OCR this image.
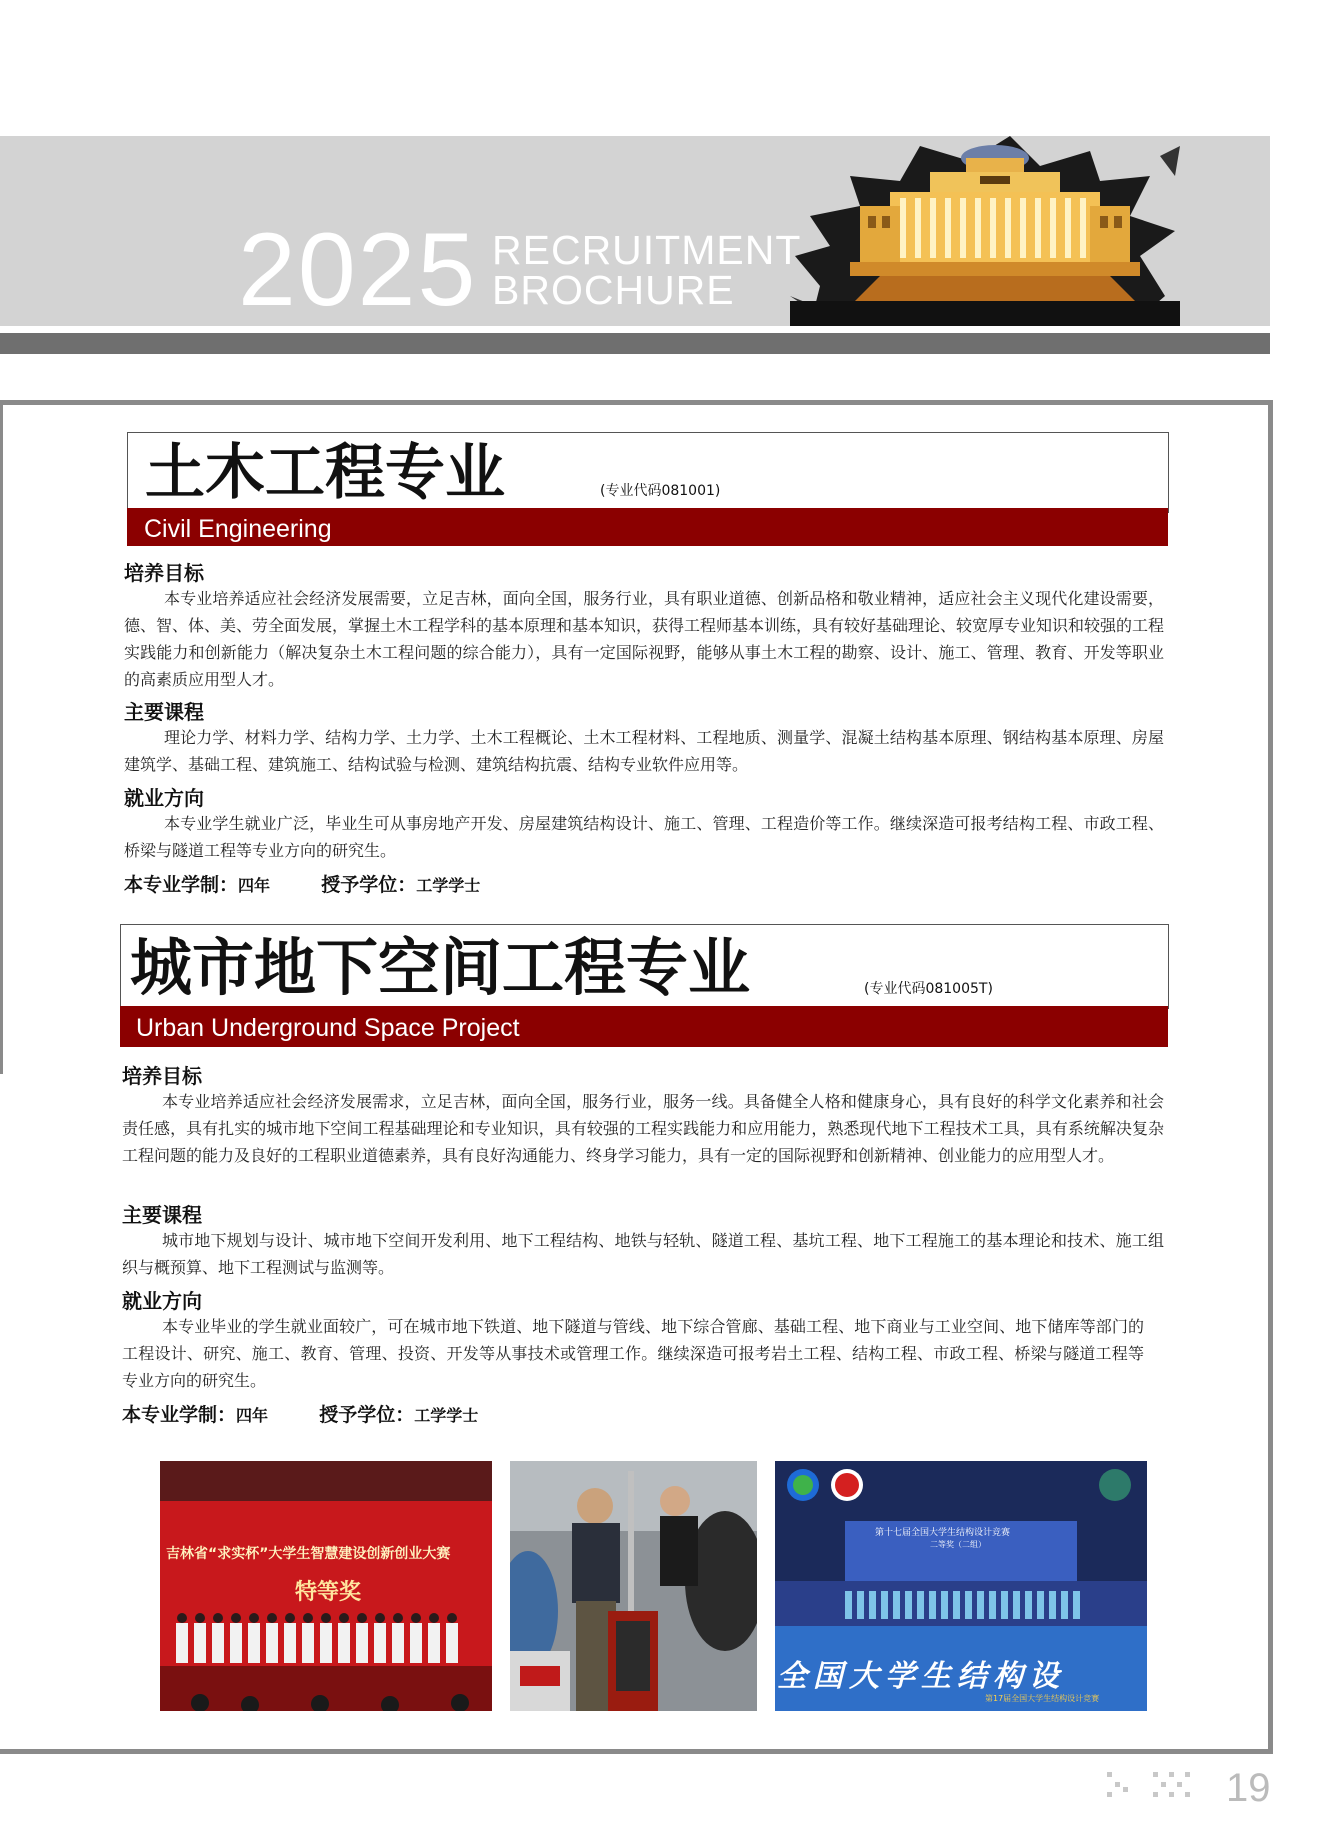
2025 RECRUITMENT
BROCHURE
Civil Engineering
土木工程专业	(专业代码081001)
培养目标
本专业培养适应社会经济发展需要，立足吉林，面向全国，服务行业，具有职业道德、创新品格和敬业精神，适应社会主义现代化建设需要，德、智、体、美、劳全面发展，掌握土木工程学科的基本原理和基本知识，获得工程师基本训练，具有较好基础理论、较宽厚专业知识和较强的工程实践能力和创新能力（解决复杂土木工程问题的综合能力），具有一定国际视野，能够从事土木工程的勘察、设计、施工、管理、教育、开发等职业的高素质应用型人才。
主要课程
理论力学、材料力学、结构力学、土力学、土木工程概论、土木工程材料、工程地质、测量学、混凝土结构基本原理、钢结构基本原理、房屋建筑学、基础工程、建筑施工、结构试验与检测、建筑结构抗震、结构专业软件应用等。
就业方向
本专业学生就业广泛，毕业生可从事房地产开发、房屋建筑结构设计、施工、管理、工程造价等工作。继续深造可报考结构工程、市政工程、桥梁与隧道工程等专业方向的研究生。
本专业学制：四年	授予学位：工学学士
Urban Underground Space Project
城市地下空间工程专业	(专业代码081005T)
培养目标
本专业培养适应社会经济发展需求，立足吉林，面向全国，服务行业，服务一线。具备健全人格和健康身心，具有良好的科学文化素养和社会责任感，具有扎实的城市地下空间工程基础理论和专业知识，具有较强的工程实践能力和应用能力，熟悉现代地下工程技术工具，具有系统解决复杂工程问题的能力及良好的工程职业道德素养，具有良好沟通能力、终身学习能力，具有一定的国际视野和创新精神、创业能力的应用型人才。
主要课程
城市地下规划与设计、城市地下空间开发利用、地下工程结构、地铁与轻轨、隧道工程、基坑工程、地下工程施工的基本理论和技术、施工组织与概预算、地下工程测试与监测等。
就业方向
本专业毕业的学生就业面较广，可在城市地下铁道、地下隧道与管线、地下综合管廊、基础工程、地下商业与工业空间、地下储库等部门的工程设计、研究、施工、教育、管理、投资、开发等从事技术或管理工作。继续深造可报考岩土工程、结构工程、市政工程、桥梁与隧道工程等专业方向的研究生。
本专业学制：四年	授予学位：工学学士
吉林省“求实杯”大学生智慧建设创新创业大赛
特等奖
第十七届全国大学生结构设计竞赛
二等奖（二组）
全国大学生结构设
第17届全国大学生结构设计竞赛
19
